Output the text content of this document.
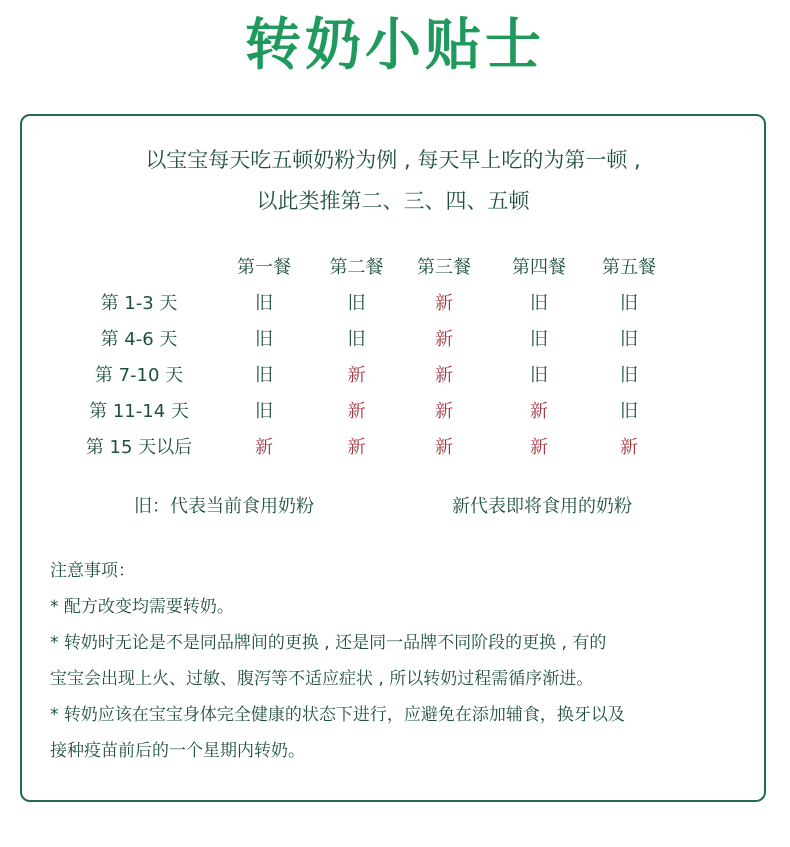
转奶小贴士
以宝宝每天吃五顿奶粉为例 , 每天早上吃的为第一顿 ,
以此类推第二、三、四、五顿
	第一餐	第二餐	第三餐	第四餐	第五餐
第 1-3 天	旧	旧	新	旧	旧
第 4-6 天	旧	旧	新	旧	旧
第 7-10 天	旧	新	新	旧	旧
第 11-14 天	旧	新	新	新	旧
第 15 天以后	新	新	新	新	新
旧：代表当前食用奶粉	新代表即将食用的奶粉

注意事项：

* 配方改变均需要转奶。

* 转奶时无论是不是同品牌间的更换 , 还是同一品牌不同阶段的更换 , 有的

宝宝会出现上火、过敏、腹泻等不适应症状 , 所以转奶过程需循序渐进。

* 转奶应该在宝宝身体完全健康的状态下进行，应避免在添加辅食，换牙以及

接种疫苗前后的一个星期内转奶。
